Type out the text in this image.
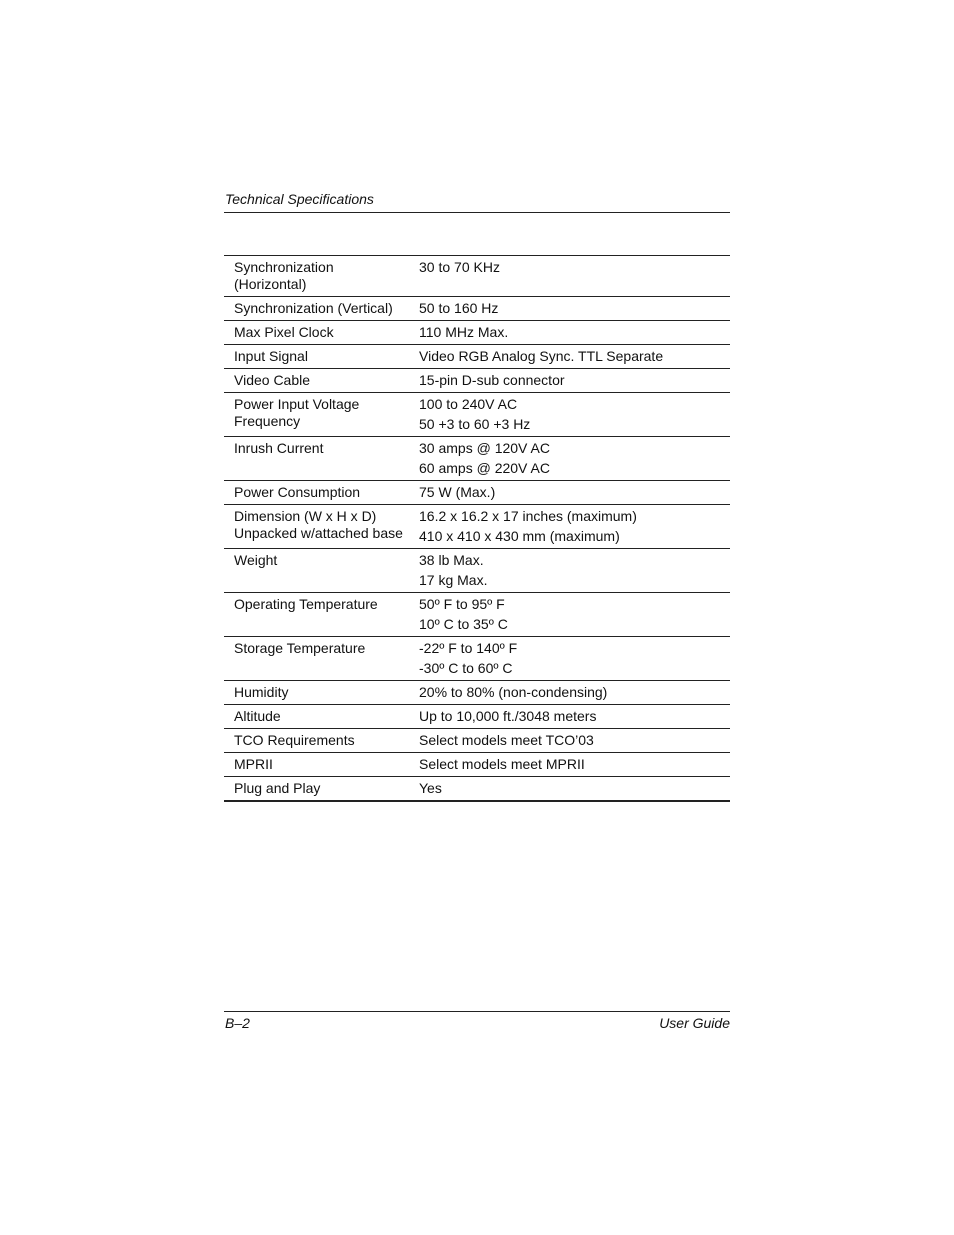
Technical Specifications
Synchronization (Horizontal)	30 to 70 KHz

Synchronization (Vertical)	50 to 160 Hz

Max Pixel Clock	110 MHz Max.

Input Signal	Video RGB Analog Sync. TTL Separate

Video Cable	15-pin D-sub connector

Power Input Voltage Frequency	100 to 240V AC
50 +3 to 60 +3 Hz

Inrush Current	30 amps @ 120V AC
60 amps @ 220V AC

Power Consumption	75 W (Max.)

Dimension (W x H x D) Unpacked w/attached base	16.2 x 16.2 x 17 inches (maximum)
410 x 410 x 430 mm (maximum)

Weight	38 lb Max.
17 kg Max.

Operating Temperature	50º F to 95º F
10º C to 35º C

Storage Temperature	-22º F to 140º F
-30º C to 60º C

Humidity	20% to 80% (non-condensing)

Altitude	Up to 10,000 ft./3048 meters

TCO Requirements	Select models meet TCO’03

MPRII	Select models meet MPRII

Plug and Play	Yes
B–2	User Guide
